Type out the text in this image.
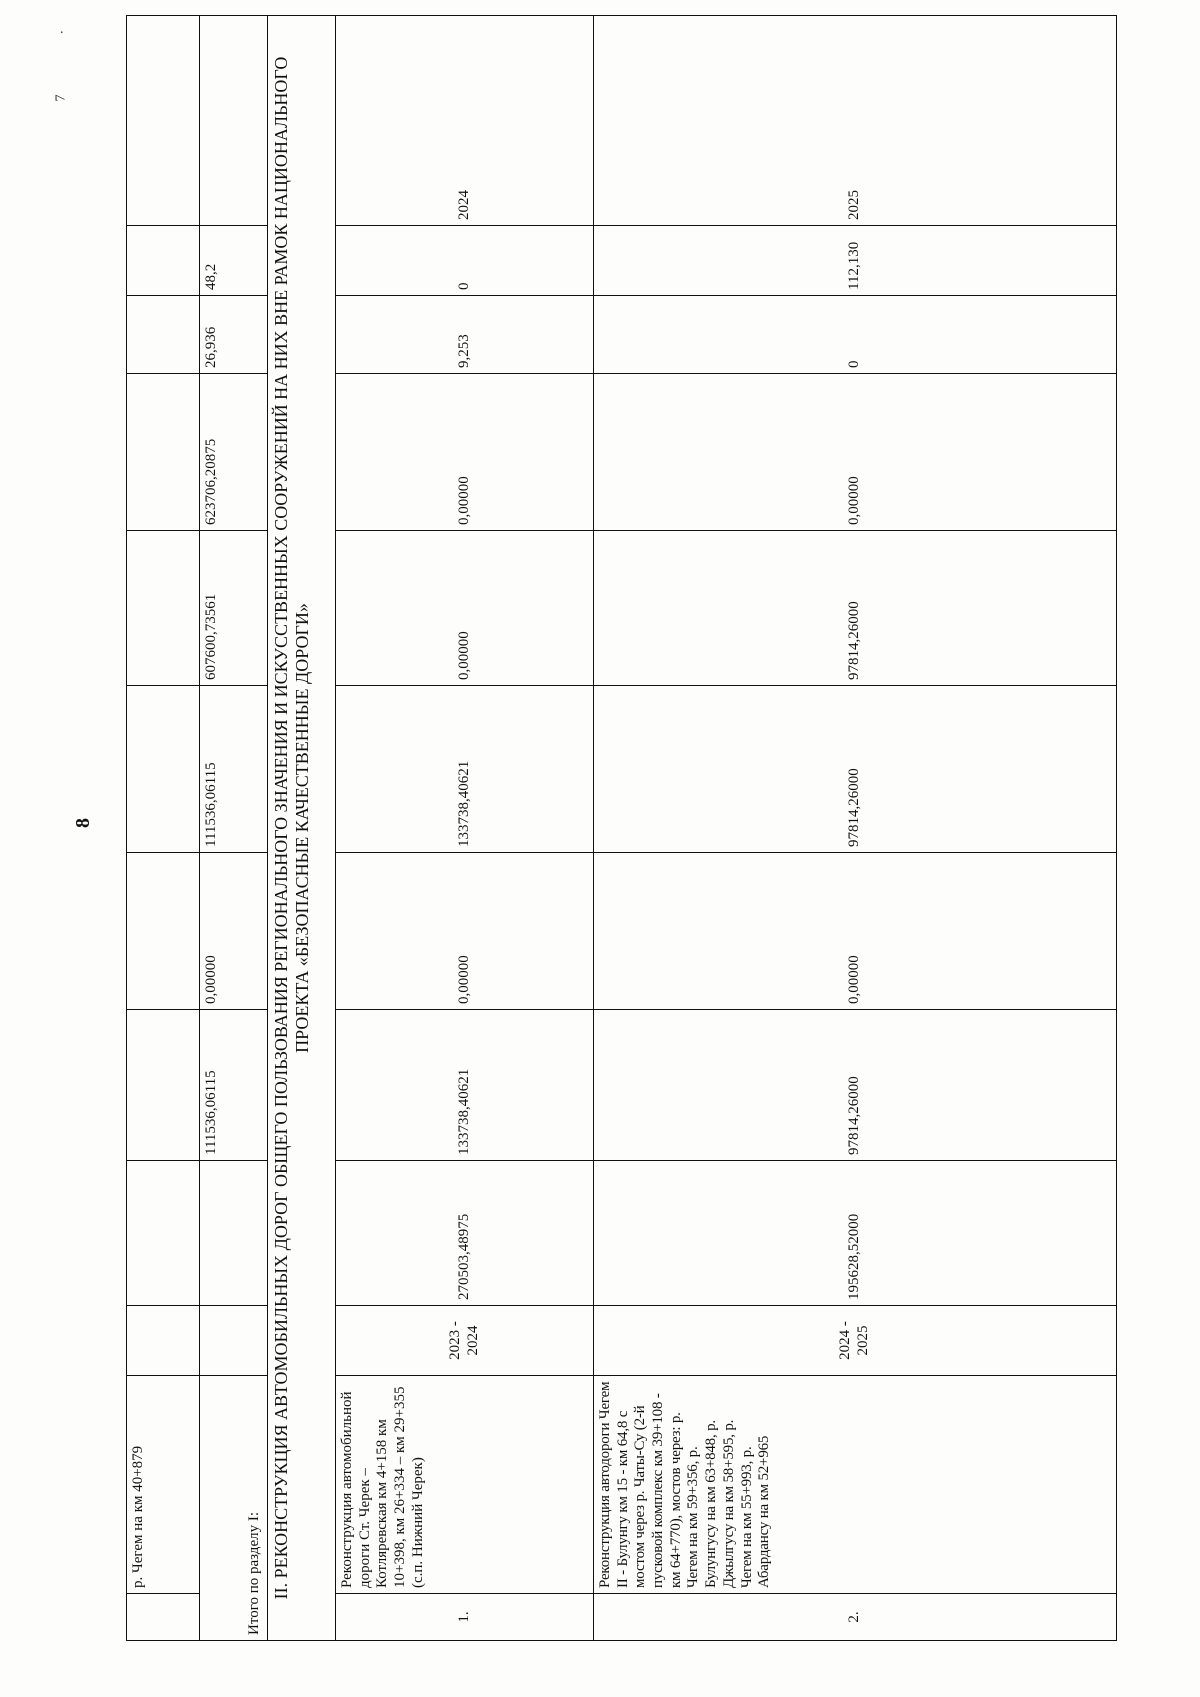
.
7
8
	р. Чегем на км 40+879										
Итого по разделу I:				111536,06115	0,00000	111536,06115	607600,73561	623706,20875	26,936	48,2	
II. РЕКОНСТРУКЦИЯ АВТОМОБИЛЬНЫХ ДОРОГ ОБЩЕГО ПОЛЬЗОВАНИЯ РЕГИОНАЛЬНОГО ЗНАЧЕНИЯ И ИСКУССТВЕННЫХ СООРУЖЕНИЙ НА НИХ ВНЕ РАМОК НАЦИОНАЛЬНОГО ПРОЕКТА «БЕЗОПАСНЫЕ КАЧЕСТВЕННЫЕ ДОРОГИ»											
1.	Реконструкция автомобильной дороги Ст. Черек – Котляревская км 4+158 км 10+398, км 26+334 – км 29+355 (с.п. Нижний Черек)	2023 - 2024	270503,48975	133738,40621	0,00000	133738,40621	0,00000	0,00000	9,253	0	2024
2.	Реконструкция автодороги Чегем II - Булунгу км 15 - км 64,8 с мостом через р. Чаты-Су (2-й пусковой комплекс км 39+108 - км 64+770), мостов через: р. Чегем на км 59+356, р. Булунгусу на км 63+848, р. Джылгусу на км 58+595, р. Чегем на км 55+993, р. Абардансу на км 52+965	2024 - 2025	195628,52000	97814,26000	0,00000	97814,26000	97814,26000	0,00000	0	112,130	2025
